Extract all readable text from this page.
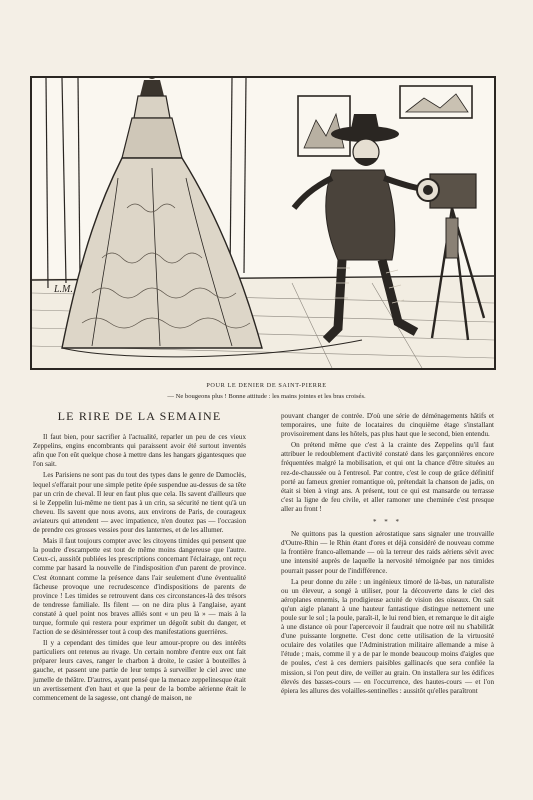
L.M.
POUR LE DENIER DE SAINT-PIERRE
— Ne bougeons plus ! Bonne attitude : les mains jointes et les bras croisés.
LE RIRE DE LA SEMAINE

Il faut bien, pour sacrifier à l'actualité, reparler un peu de ces vieux Zeppelins, engins encombrants qui paraissent avoir été surtout inventés afin que l'on eût quelque chose à mettre dans les hangars gigantesques que l'on sait.

Les Parisiens ne sont pas du tout des types dans le genre de Damoclès, lequel s'effarait pour une simple petite épée suspendue au-dessus de sa tête par un crin de cheval. Il leur en faut plus que cela. Ils savent d'ailleurs que si le Zeppelin lui-même ne tient pas à un crin, sa sécurité ne tient qu'à un cheveu. Ils savent que nous avons, aux environs de Paris, de courageux aviateurs qui attendent — avec impatience, n'en doutez pas — l'occasion de prendre ces grosses vessies pour des lanternes, et de les allumer.

Mais il faut toujours compter avec les citoyens timides qui pensent que la poudre d'escampette est tout de même moins dangereuse que l'autre. Ceux-ci, aussitôt publiées les prescriptions concernant l'éclairage, ont reçu comme par hasard la nouvelle de l'indisposition d'un parent de province. C'est étonnant comme la présence dans l'air seulement d'une éventualité fâcheuse provoque une recrudescence d'indispositions de parents de province ! Les timides se retrouvent dans ces circonstances-là des trésors de tendresse familiale. Ils filent — on ne dira plus à l'anglaise, ayant constaté à quel point nos braves alliés sont « un peu là » — mais à la turque, formule qui restera pour exprimer un dégoût subit du danger, et l'action de se désintéresser tout à coup des manifestations guerrières.

Il y a cependant des timides que leur amour-propre ou des intérêts particuliers ont retenus au rivage. Un certain nombre d'entre eux ont fait préparer leurs caves, ranger le charbon à droite, le casier à bouteilles à gauche, et passent une partie de leur temps à surveiller le ciel avec une jumelle de théâtre. D'autres, ayant pensé que la menace zeppelinesque était un avertissement d'en haut et que la peur de la bombe aérienne était le commencement de la sagesse, ont changé de maison, ne

pouvant changer de contrée. D'où une série de déménagements hâtifs et temporaires, une fuite de locataires du cinquième étage s'installant provisoirement dans les hôtels, pas plus haut que le second, bien entendu.

On prétend même que c'est à la crainte des Zeppelins qu'il faut attribuer le redoublement d'activité constaté dans les garçonnières encore fréquentées malgré la mobilisation, et qui ont la chance d'être situées au rez-de-chaussée ou à l'entresol. Par contre, c'est le coup de grâce définitif porté au fameux grenier romantique où, prétendait la chanson de jadis, on était si bien à vingt ans. A présent, tout ce qui est mansarde ou terrasse c'est la ligne de feu civile, et aller ramoner une cheminée c'est presque aller au front !

* * *

Ne quittons pas la question aérostatique sans signaler une trouvaille d'Outre-Rhin — le Rhin étant d'ores et déjà considéré de nouveau comme la frontière franco-allemande — où la terreur des raids aériens sévit avec une intensité auprès de laquelle la nervosité témoignée par nos timides pourrait passer pour de l'indifférence.

La peur donne du zèle : un ingénieux timoré de là-bas, un naturaliste ou un éleveur, a songé à utiliser, pour la découverte dans le ciel des aéroplanes ennemis, la prodigieuse acuité de vision des oiseaux. On sait qu'un aigle planant à une hauteur fantastique distingue nettement une poule sur le sol ; la poule, paraît-il, le lui rend bien, et remarque le dit aigle à une distance où pour l'apercevoir il faudrait que notre œil nu s'habilitât d'une puissante lorgnette. C'est donc cette utilisation de la virtuosité oculaire des volatiles que l'Administration militaire allemande a mise à l'étude ; mais, comme il y a de par le monde beaucoup moins d'aigles que de poules, c'est à ces derniers paisibles gallinacés que sera confiée la mission, si l'on peut dire, de veiller au grain. On installera sur les édifices élevés des basses-cours — en l'occurrence, des hautes-cours — et l'on épiera les allures des volailles-sentinelles : aussitôt qu'elles paraîtront
